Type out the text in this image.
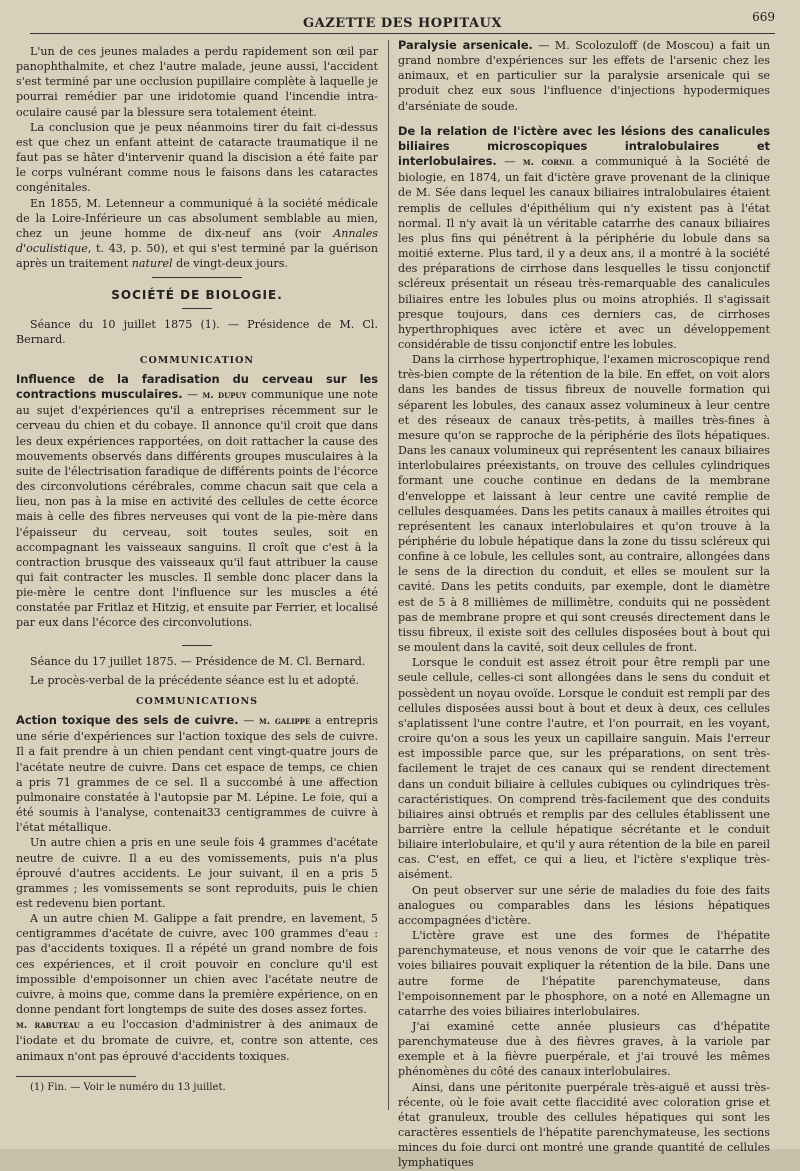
GAZETTE DES HOPITAUX	669

L'un de ces jeunes malades a perdu rapidement son œil par panophthalmite, et chez l'autre malade, jeune aussi, l'accident s'est terminé par une occlusion pupillaire complète à laquelle je pourrai remédier par une iridotomie quand l'incendie intra-oculaire causé par la blessure sera totalement éteint.

La conclusion que je peux néanmoins tirer du fait ci-dessus est que chez un enfant atteint de cataracte traumatique il ne faut pas se hâter d'intervenir quand la discision a été faite par le corps vulnérant comme nous le faisons dans les cataractes congénitales.

En 1855, M. Letenneur a communiqué à la société médicale de la Loire-Inférieure un cas absolument semblable au mien, chez un jeune homme de dix-neuf ans (voir Annales d'oculistique, t. 43, p. 50), et qui s'est terminé par la guérison après un traitement naturel de vingt-deux jours.

SOCIÉTÉ DE BIOLOGIE.

Séance du 10 juillet 1875 (1). — Présidence de M. Cl. Bernard.

COMMUNICATION

Influence de la faradisation du cerveau sur les contractions musculaires. — m. dupuy communique une note au sujet d'expériences qu'il a entreprises récemment sur le cerveau du chien et du cobaye. Il annonce qu'il croit que dans les deux expériences rapportées, on doit rattacher la cause des mouvements observés dans différents groupes musculaires à la suite de l'électrisation faradique de différents points de l'écorce des circonvolutions cérébrales, comme chacun sait que cela a lieu, non pas à la mise en activité des cellules de cette écorce mais à celle des fibres nerveuses qui vont de la pie-mère dans l'épaisseur du cerveau, soit toutes seules, soit en accompagnant les vaisseaux sanguins. Il croît que c'est à la contraction brusque des vaisseaux qu'il faut attribuer la cause qui fait contracter les muscles. Il semble donc placer dans la pie-mère le centre dont l'influence sur les muscles a été constatée par Fritlaz et Hitzig, et ensuite par Ferrier, et localisé par eux dans l'écorce des circonvolutions.

Séance du 17 juillet 1875. — Présidence de M. Cl. Bernard.

Le procès-verbal de la précédente séance est lu et adopté.

COMMUNICATIONS

Action toxique des sels de cuivre. — m. galippe a entrepris une série d'expériences sur l'action toxique des sels de cuivre. Il a fait prendre à un chien pendant cent vingt-quatre jours de l'acétate neutre de cuivre. Dans cet espace de temps, ce chien a pris 71 grammes de ce sel. Il a succombé à une affection pulmonaire constatée à l'autopsie par M. Lépine. Le foie, qui a été soumis à l'analyse, contenait33 centigrammes de cuivre à l'état métallique.

Un autre chien a pris en une seule fois 4 grammes d'acétate neutre de cuivre. Il a eu des vomissements, puis n'a plus éprouvé d'autres accidents. Le jour suivant, il en a pris 5 grammes ; les vomissements se sont reproduits, puis le chien est redevenu bien portant.

A un autre chien M. Galippe a fait prendre, en lavement, 5 centigrammes d'acétate de cuivre, avec 100 grammes d'eau : pas d'accidents toxiques. Il a répété un grand nombre de fois ces expériences, et il croit pouvoir en conclure qu'il est impossible d'empoisonner un chien avec l'acétate neutre de cuivre, à moins que, comme dans la première expérience, on en donne pendant fort longtemps de suite des doses assez fortes.

m. rabuteau a eu l'occasion d'administrer à des animaux de l'iodate et du bromate de cuivre, et, contre son attente, ces animaux n'ont pas éprouvé d'accidents toxiques.

(1) Fin. — Voir le numéro du 13 juillet.

Paralysie arsenicale. — M. Scolozuloff (de Moscou) a fait un grand nombre d'expériences sur les effets de l'arsenic chez les animaux, et en particulier sur la paralysie arsenicale qui se produit chez eux sous l'influence d'injections hypodermiques d'arséniate de soude.

De la relation de l'ictère avec les lésions des canalicules biliaires microscopiques intralobulaires et interlobulaires. — m. cornil a communiqué à la Société de biologie, en 1874, un fait d'ictère grave provenant de la clinique de M. Sée dans lequel les canaux biliaires intralobulaires étaient remplis de cellules d'épithélium qui n'y existent pas à l'état normal. Il n'y avait là un véritable catarrhe des canaux biliaires les plus fins qui pénétrent à la périphérie du lobule dans sa moitié externe. Plus tard, il y a deux ans, il a montré à la société des préparations de cirrhose dans lesquelles le tissu conjonctif scléreux présentait un réseau très-remarquable des canalicules biliaires entre les lobules plus ou moins atrophiés. Il s'agissait presque toujours, dans ces derniers cas, de cirrhoses hyperthrophiques avec ictère et avec un développement considérable de tissu conjonctif entre les lobules.

Dans la cirrhose hypertrophique, l'examen microscopique rend très-bien compte de la rétention de la bile. En effet, on voit alors dans les bandes de tissus fibreux de nouvelle formation qui séparent les lobules, des canaux assez volumineux à leur centre et des réseaux de canaux très-petits, à mailles très-fines à mesure qu'on se rapproche de la périphérie des îlots hépatiques. Dans les canaux volumineux qui représentent les canaux biliaires interlobulaires préexistants, on trouve des cellules cylindriques formant une couche continue en dedans de la membrane d'enveloppe et laissant à leur centre une cavité remplie de cellules desquamées. Dans les petits canaux à mailles étroites qui représentent les canaux interlobulaires et qu'on trouve à la périphérie du lobule hépatique dans la zone du tissu scléreux qui confine à ce lobule, les cellules sont, au contraire, allongées dans le sens de la direction du conduit, et elles se moulent sur la cavité. Dans les petits conduits, par exemple, dont le diamètre est de 5 à 8 millièmes de millimètre, conduits qui ne possèdent pas de membrane propre et qui sont creusés directement dans le tissu fibreux, il existe soit des cellules disposées bout à bout qui se moulent dans la cavité, soit deux cellules de front.

Lorsque le conduit est assez étroit pour être rempli par une seule cellule, celles-ci sont allongées dans le sens du conduit et possèdent un noyau ovoïde. Lorsque le conduit est rempli par des cellules disposées aussi bout à bout et deux à deux, ces cellules s'aplatissent l'une contre l'autre, et l'on pourrait, en les voyant, croire qu'on a sous les yeux un capillaire sanguin. Mais l'erreur est impossible parce que, sur les préparations, on sent très-facilement le trajet de ces canaux qui se rendent directement dans un conduit biliaire à cellules cubiques ou cylindriques très-caractéristiques. On comprend très-facilement que des conduits biliaires ainsi obtrués et remplis par des cellules établissent une barrière entre la cellule hépatique sécrétante et le conduit biliaire interlobulaire, et qu'il y aura rétention de la bile en pareil cas. C'est, en effet, ce qui a lieu, et l'ictère s'explique très-aisément.

On peut observer sur une série de maladies du foie des faits analogues ou comparables dans les lésions hépatiques accompagnées d'ictère.

L'ictère grave est une des formes de l'hépatite parenchymateuse, et nous venons de voir que le catarrhe des voies biliaires pouvait expliquer la rétention de la bile. Dans une autre forme de l'hépatite parenchymateuse, dans l'empoisonnement par le phosphore, on a noté en Allemagne un catarrhe des voies biliaires interlobulaires.

J'ai examiné cette année plusieurs cas d'hépatite parenchymateuse due à des fièvres graves, à la variole par exemple et à la fièvre puerpérale, et j'ai trouvé les mêmes phénomènes du côté des canaux interlobulaires.

Ainsi, dans une péritonite puerpérale très-aiguë et aussi très-récente, où le foie avait cette flaccidité avec coloration grise et état granuleux, trouble des cellules hépatiques qui sont les caractères essentiels de l'hépatite parenchymateuse, les sections minces du foie durci ont montré une grande quantité de cellules lymphatiques
